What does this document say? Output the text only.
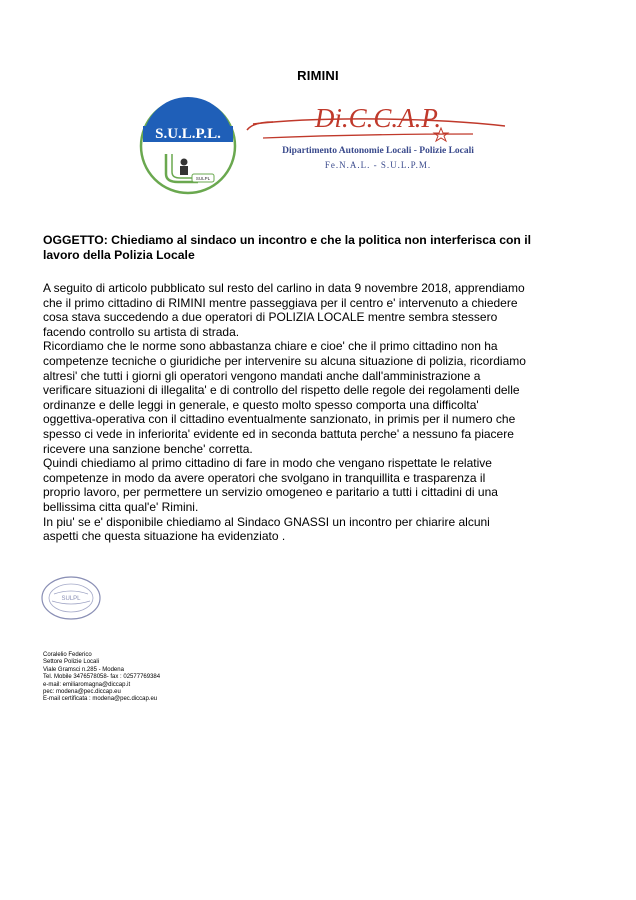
RIMINI
S.U.L.P.L.
SULPL
Di.C.C.A.P.
Dipartimento Autonomie Locali - Polizie Locali
Fe.N.A.L. - S.U.L.P.M.
OGGETTO: Chiediamo al sindaco un incontro e che la politica non interferisca con il
lavoro della Polizia Locale
A seguito di articolo pubblicato sul resto del carlino in data 9 novembre 2018, apprendiamo
che il primo cittadino di RIMINI mentre passeggiava per il centro e' intervenuto a chiedere
cosa stava succedendo a due operatori di POLIZIA LOCALE mentre sembra stessero
facendo controllo su artista di strada.
Ricordiamo che le norme sono abbastanza chiare e cioe' che il primo cittadino non ha
competenze tecniche o giuridiche per intervenire su alcuna situazione di polizia, ricordiamo
altresi' che tutti i giorni gli operatori vengono mandati anche dall'amministrazione a
verificare situazioni di illegalita' e di controllo del rispetto delle regole dei regolamenti delle
ordinanze e delle leggi in generale, e questo molto spesso comporta una difficolta'
oggettiva-operativa con il cittadino eventualmente sanzionato, in primis per il numero che
spesso ci vede in inferiorita' evidente ed in seconda battuta perche' a nessuno fa piacere
ricevere una sanzione benche' corretta.
Quindi chiediamo al primo cittadino di fare in modo che vengano rispettate le relative
competenze in modo da avere operatori che svolgano in tranquillita e trasparenza il
proprio lavoro, per permettere un servizio omogeneo e paritario a tutti i cittadini di una
bellissima citta qual'e' Rimini.
In piu' se e' disponibile chiediamo al Sindaco GNASSI un incontro per chiarire alcuni
aspetti che questa situazione ha evidenziato .
SULPL
Coralelio Federico
Settore Polizie Locali
Viale Gramsci n.285 - Modena
Tel. Mobile 3476578058- fax : 02577769384
e-mail: emiliaromagna@diccap.it
pec: modena@pec.diccap.eu
E-mail certificata : modena@pec.diccap.eu
